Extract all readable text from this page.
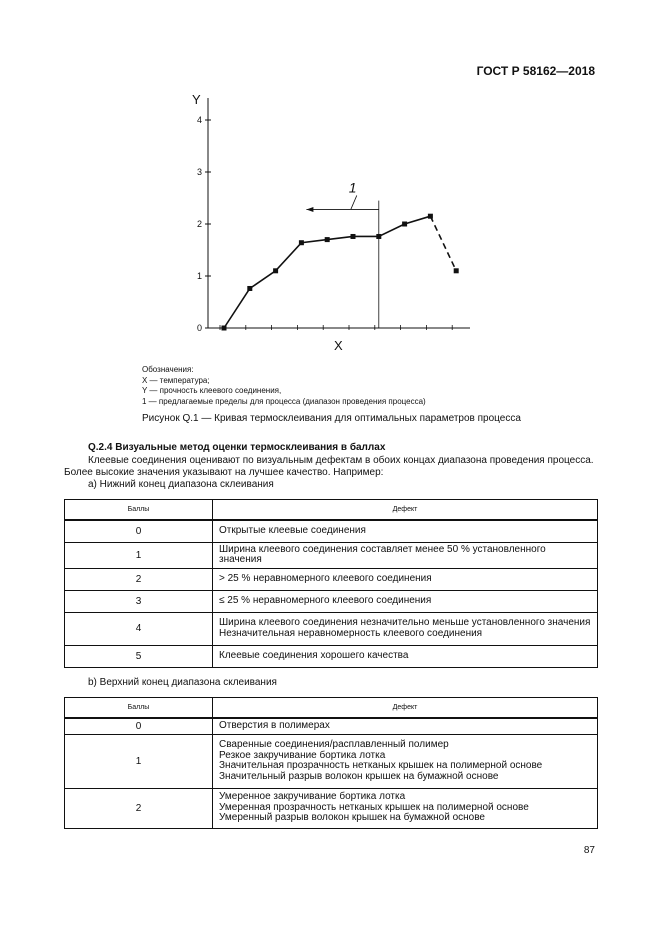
ГОСТ Р 58162—2018
0
1
2
3
4
Y
X
1
Обозначения:
X — температура;
Y — прочность клеевого соединения,
1 — предлагаемые пределы для процесса (диапазон проведения процесса)
Рисунок Q.1 — Кривая термосклеивания для оптимальных параметров процесса
Q.2.4 Визуальные метод оценки термосклеивания в баллах
Клеевые соединения оценивают по визуальным дефектам в обоих концах диапазона проведения процесса.
Более высокие значения указывают на лучшее качество. Например:
a) Нижний конец диапазона склеивания
Баллы	Дефект
0	Открытые клеевые соединения

1	Ширина клеевого соединения составляет менее 50 % установленного значения

2	> 25 % неравномерного клеевого соединения

3	≤ 25 % неравномерного клеевого соединения

4	Ширина клеевого соединения незначительно меньше установленного значения
Незначительная неравномерность клеевого соединения

5	Клеевые соединения хорошего качества
b) Верхний конец диапазона склеивания
Баллы	Дефект
0	Отверстия в полимерах

1	Сваренные соединения/расплавленный полимер
Резкое закручивание бортика лотка
Значительная прозрачность нетканых крышек на полимерной основе
Значительный разрыв волокон крышек на бумажной основе

2	Умеренное закручивание бортика лотка
Умеренная прозрачность нетканых крышек на полимерной основе
Умеренный разрыв волокон крышек на бумажной основе
87
